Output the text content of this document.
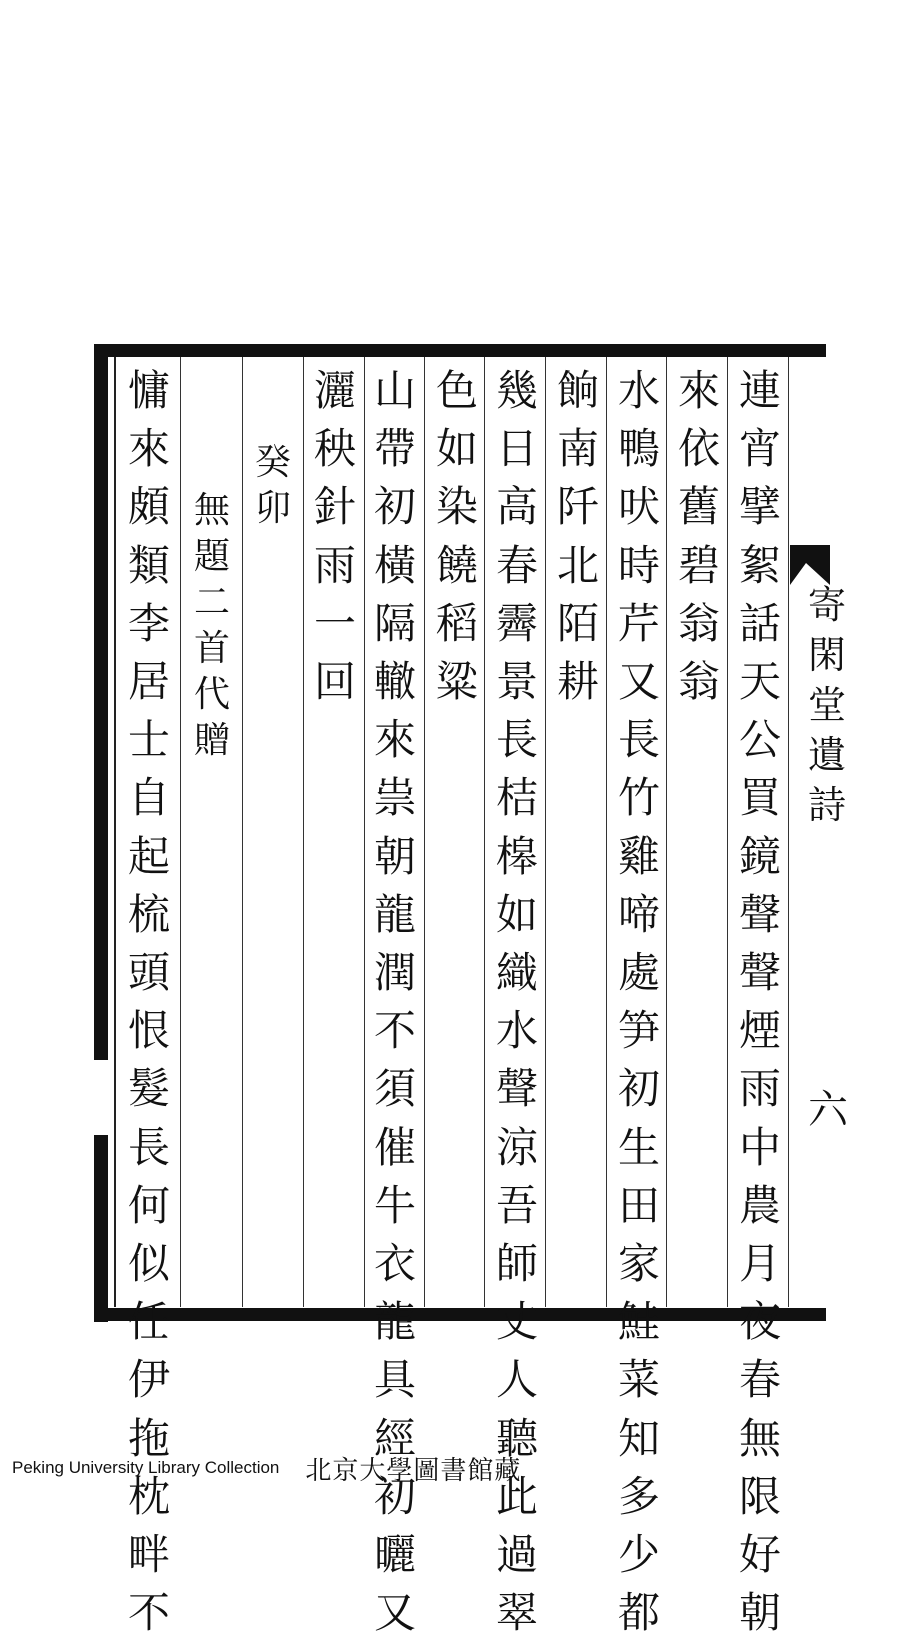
連宵擘絮話天公買鏡聲聲煙雨中農月夜春無限好朝
來依舊碧翁翁
水鴨吠時芹又長竹雞啼處笋初生田家鮭菜知多少都
餉南阡北陌耕
幾日高春霽景長桔槔如織水聲涼吾師丈人聽此過翠
色如染饒稻粱
山帶初橫隔轍來祟朝龍潤不須催牛衣龍具經初曬又
灑秧針雨一回
癸卯
無題二首代贈
慵來頗類李居士自起梳頭恨髮長何似任伊拖枕畔不
寄閑堂遺詩
六
Peking University Library Collection 北京大學圖書館藏
